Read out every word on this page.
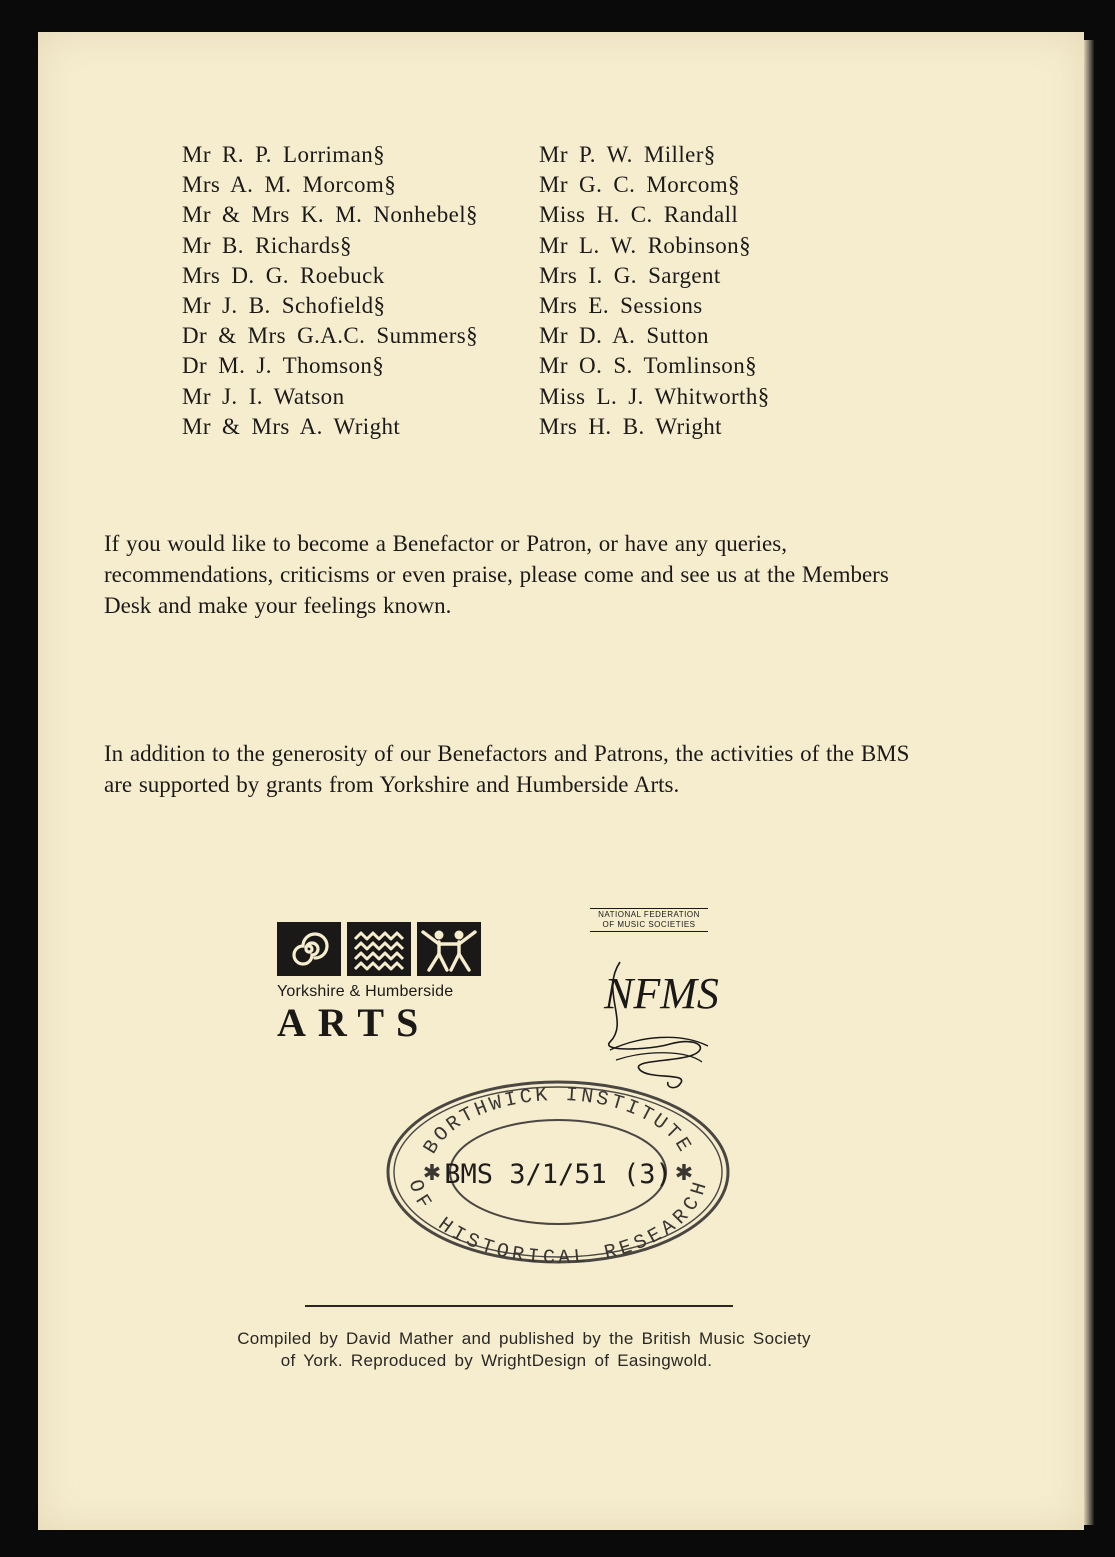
Mr R. P. Lorriman§	Mr P. W. Miller§
Mrs A. M. Morcom§	Mr G. C. Morcom§
Mr & Mrs K. M. Nonhebel§	Miss H. C. Randall
Mr B. Richards§	Mr L. W. Robinson§
Mrs D. G. Roebuck	Mrs I. G. Sargent
Mr J. B. Schofield§	Mrs E. Sessions
Dr & Mrs G.A.C. Summers§	Mr D. A. Sutton
Dr M. J. Thomson§	Mr O. S. Tomlinson§
Mr J. I. Watson	Miss L. J. Whitworth§
Mr & Mrs A. Wright	Mrs H. B. Wright

If you would like to become a Benefactor or Patron, or have any queries, recommendations, criticisms or even praise, please come and see us at the Members Desk and make your feelings known.

In addition to the generosity of our Benefactors and Patrons, the activities of the BMS are supported by grants from Yorkshire and Humberside Arts.

Yorkshire & Humberside
ARTS
NATIONAL FEDERATION
OF MUSIC SOCIETIES
NFMS
BORTHWICK INSTITUTE
OF HISTORICAL RESEARCH
✱	✱
BMS 3/1/51 (3)
Compiled by David Mather and published by the British Music Society
of York. Reproduced by WrightDesign of Easingwold.
